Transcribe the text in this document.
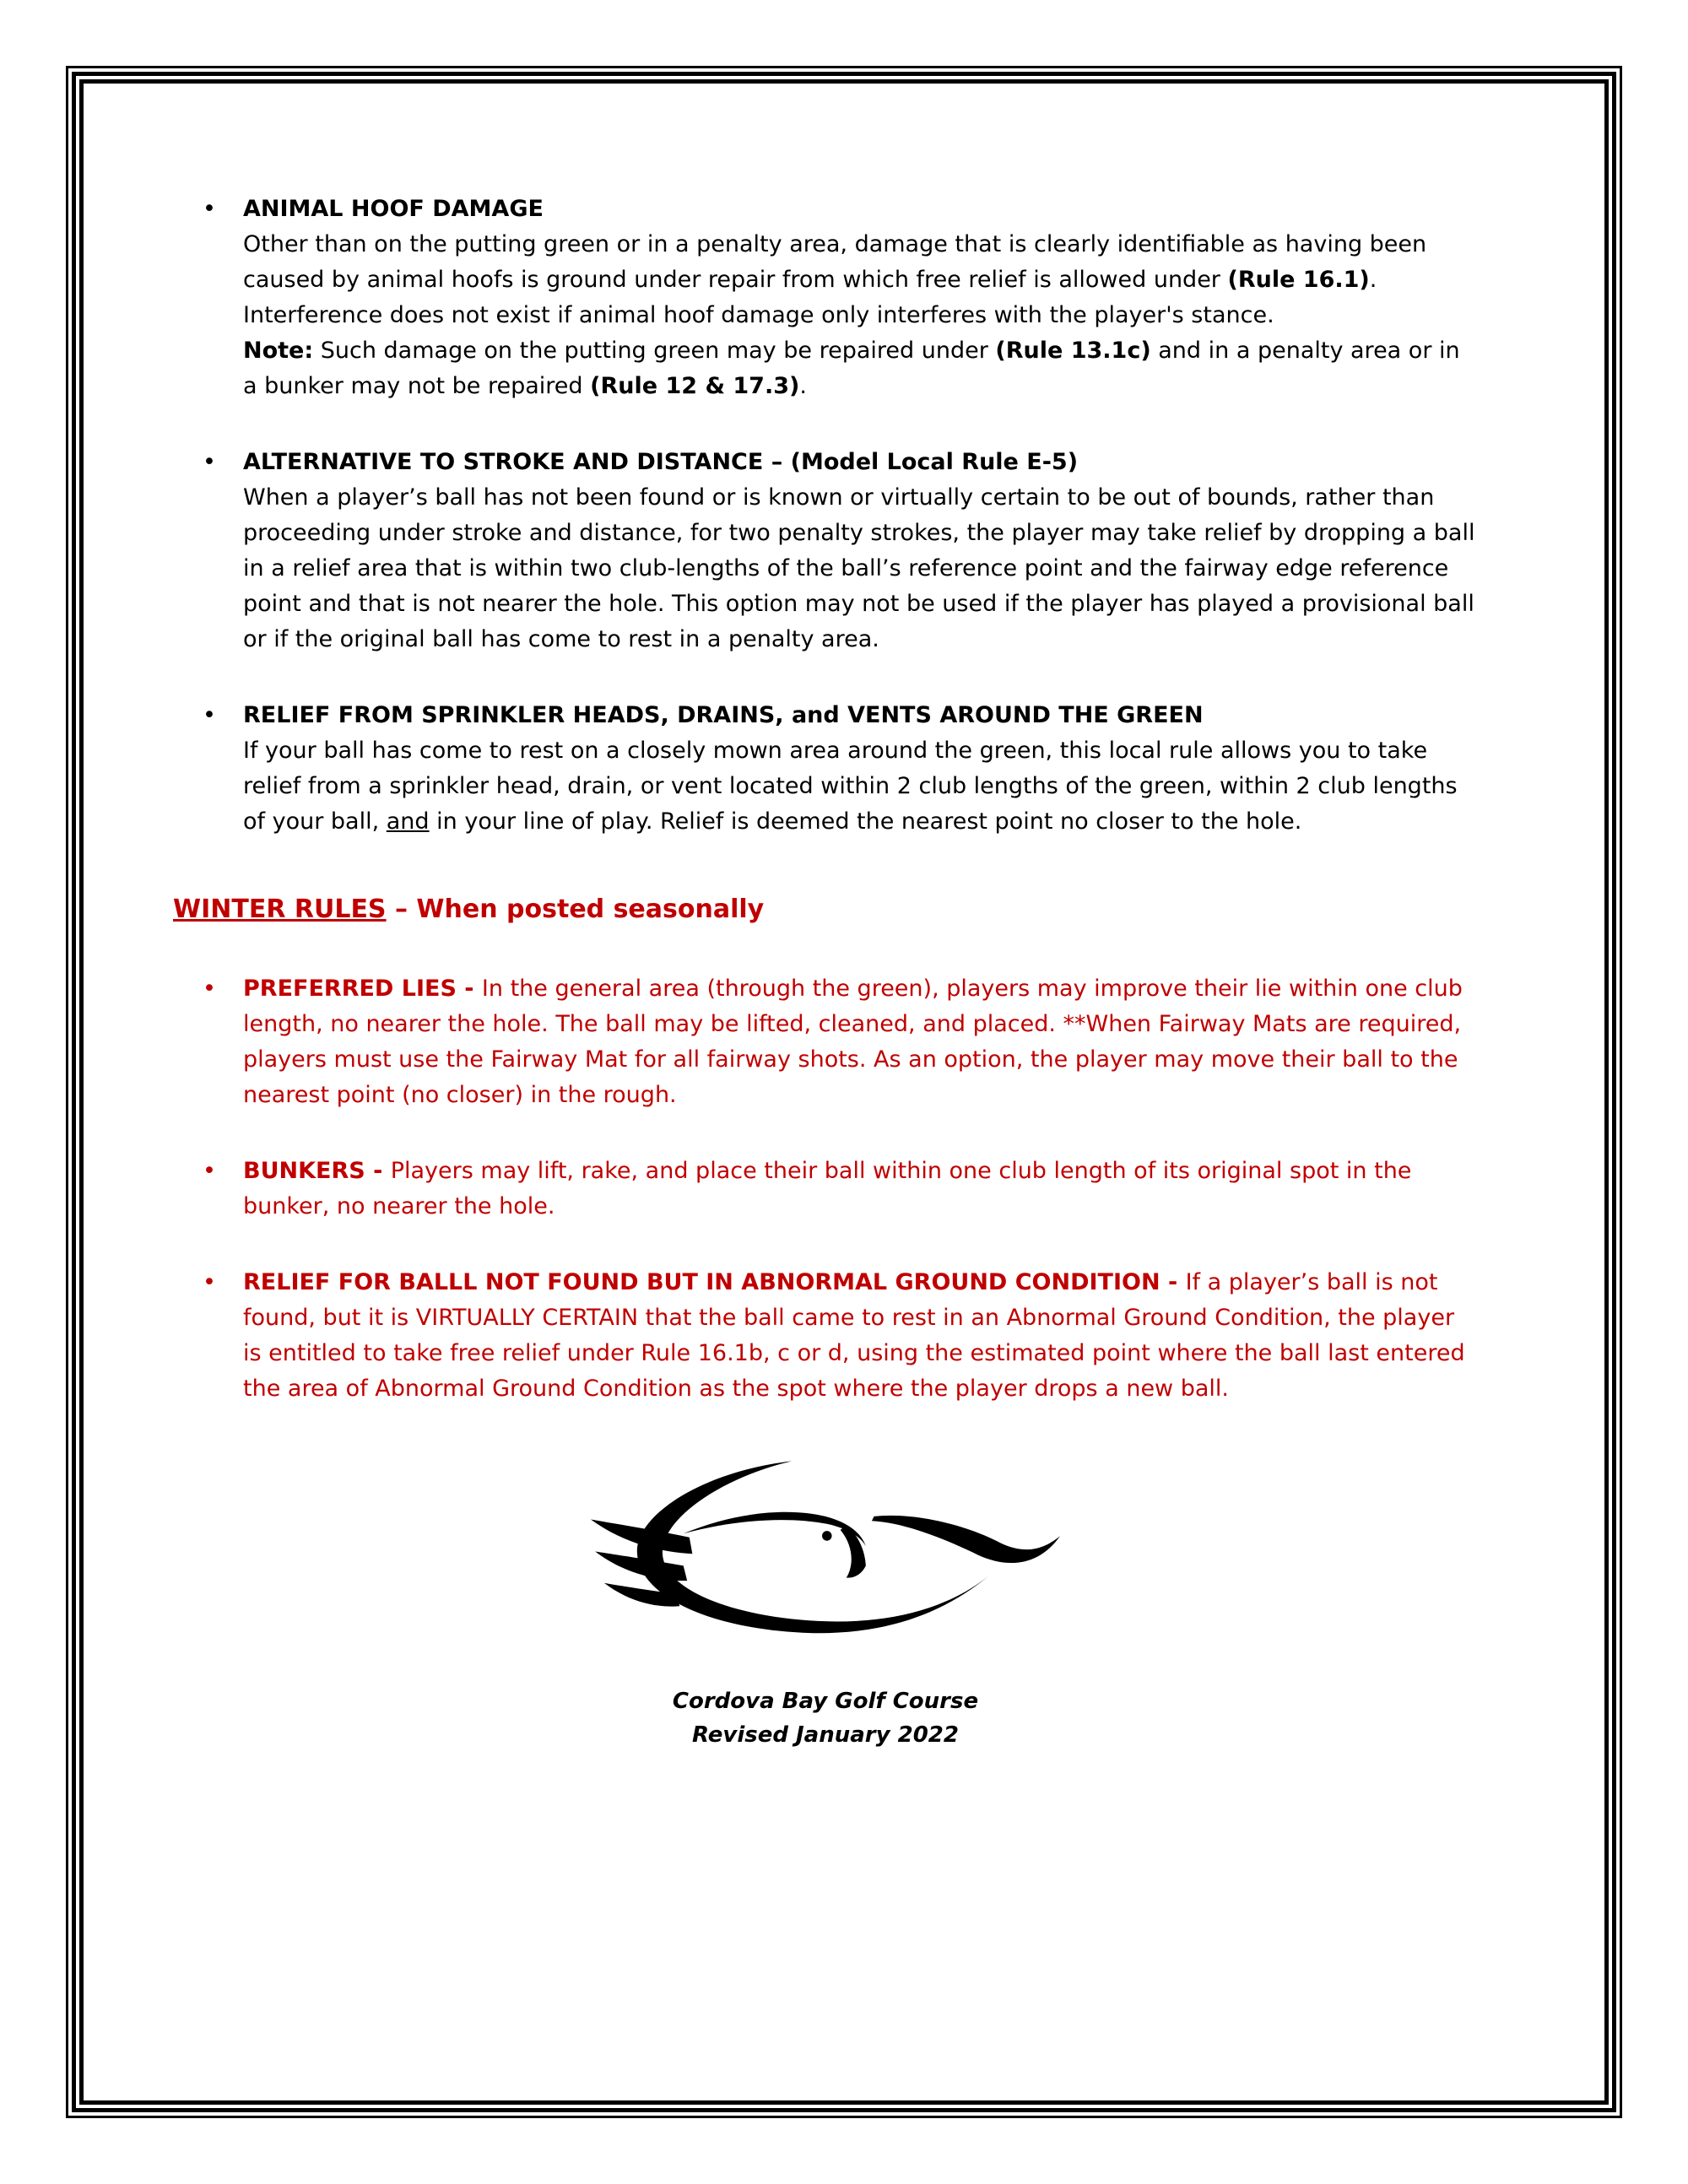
•	ANIMAL HOOF DAMAGE

Other than on the putting green or in a penalty area, damage that is clearly identifiable as having been caused by animal hoofs is ground under repair from which free relief is allowed under (Rule 16.1). Interference does not exist if animal hoof damage only interferes with the player's stance.

Note: Such damage on the putting green may be repaired under (Rule 13.1c) and in a penalty area or in a bunker may not be repaired (Rule 12 & 17.3).

•	ALTERNATIVE TO STROKE AND DISTANCE – (Model Local Rule E-5)

When a player’s ball has not been found or is known or virtually certain to be out of bounds, rather than proceeding under stroke and distance, for two penalty strokes, the player may take relief by dropping a ball in a relief area that is within two club-lengths of the ball’s reference point and the fairway edge reference point and that is not nearer the hole. This option may not be used if the player has played a provisional ball or if the original ball has come to rest in a penalty area.

•	RELIEF FROM SPRINKLER HEADS, DRAINS, and VENTS AROUND THE GREEN

If your ball has come to rest on a closely mown area around the green, this local rule allows you to take relief from a sprinkler head, drain, or vent located within 2 club lengths of the green, within 2 club lengths of your ball, and in your line of play. Relief is deemed the nearest point no closer to the hole.

WINTER RULES – When posted seasonally
•	PREFERRED LIES - In the general area (through the green), players may improve their lie within one club length, no nearer the hole. The ball may be lifted, cleaned, and placed. **When Fairway Mats are required, players must use the Fairway Mat for all fairway shots. As an option, the player may move their ball to the nearest point (no closer) in the rough.

•	BUNKERS - Players may lift, rake, and place their ball within one club length of its original spot in the bunker, no nearer the hole.

•	RELIEF FOR BALLL NOT FOUND BUT IN ABNORMAL GROUND CONDITION - If a player’s ball is not found, but it is VIRTUALLY CERTAIN that the ball came to rest in an Abnormal Ground Condition, the player is entitled to take free relief under Rule 16.1b, c or d, using the estimated point where the ball last entered the area of Abnormal Ground Condition as the spot where the player drops a new ball.

Cordova Bay Golf Course
Revised January 2022
